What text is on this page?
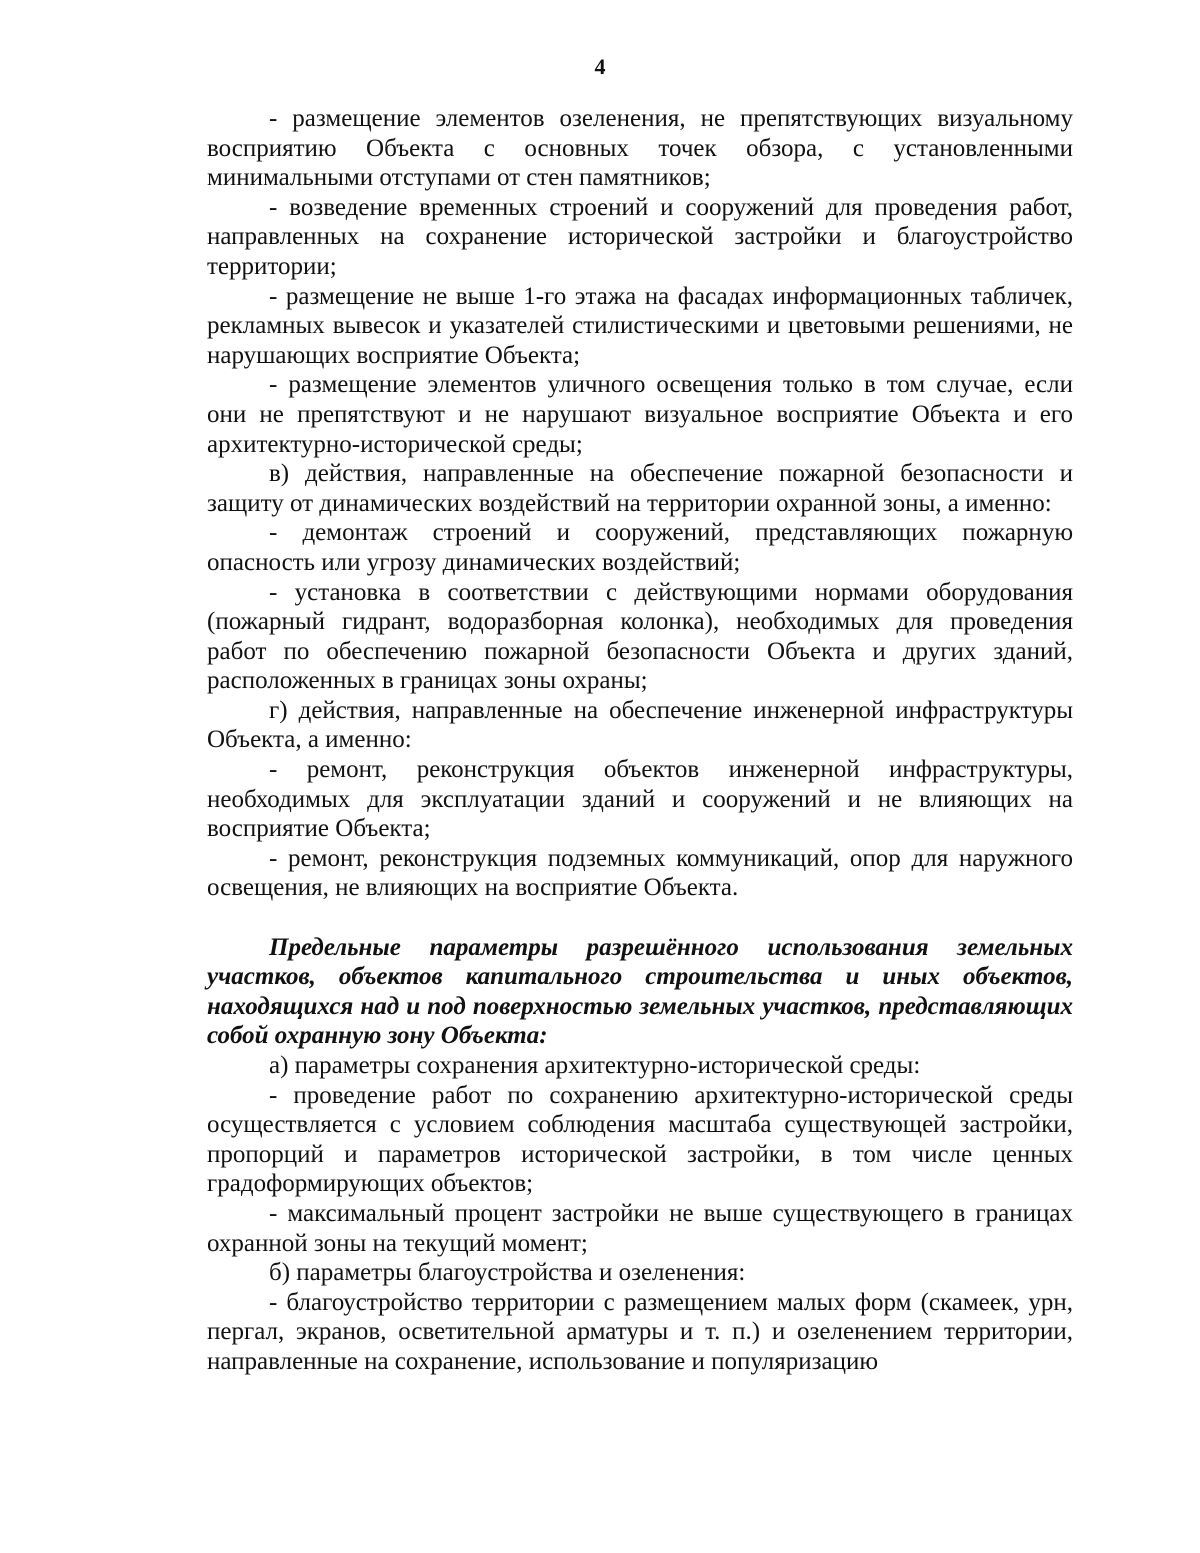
4

- размещение элементов озеленения, не препятствующих визуальному восприятию Объекта с основных точек обзора, с установленными минимальными отступами от стен памятников;

- возведение временных строений и сооружений для проведения работ, направленных на сохранение исторической застройки и благоустройство территории;

- размещение не выше 1-го этажа на фасадах информационных табличек, рекламных вывесок и указателей стилистическими и цветовыми решениями, не нарушающих восприятие Объекта;

- размещение элементов уличного освещения только в том случае, если они не препятствуют и не нарушают визуальное восприятие Объекта и его архитектурно-исторической среды;

в) действия, направленные на обеспечение пожарной безопасности и защиту от динамических воздействий на территории охранной зоны, а именно:

- демонтаж строений и сооружений, представляющих пожарную опасность или угрозу динамических воздействий;

- установка в соответствии с действующими нормами оборудования (пожарный гидрант, водоразборная колонка), необходимых для проведения работ по обеспечению пожарной безопасности Объекта и других зданий, расположенных в границах зоны охраны;

г) действия, направленные на обеспечение инженерной инфраструктуры Объекта, а именно:

- ремонт, реконструкция объектов инженерной инфраструктуры, необходимых для эксплуатации зданий и сооружений и не влияющих на восприятие Объекта;

- ремонт, реконструкция подземных коммуникаций, опор для наружного освещения, не влияющих на восприятие Объекта.

Предельные параметры разрешённого использования земельных участков, объектов капитального строительства и иных объектов, находящихся над и под поверхностью земельных участков, представляющих собой охранную зону Объекта:

а) параметры сохранения архитектурно-исторической среды:

- проведение работ по сохранению архитектурно-исторической среды осуществляется с условием соблюдения масштаба существующей застройки, пропорций и параметров исторической застройки, в том числе ценных градоформирующих объектов;

- максимальный процент застройки не выше существующего в границах охранной зоны на текущий момент;

б) параметры благоустройства и озеленения:

- благоустройство территории с размещением малых форм (скамеек, урн, пергал, экранов, осветительной арматуры и т. п.) и озеленением территории, направленные на сохранение, использование и популяризацию
